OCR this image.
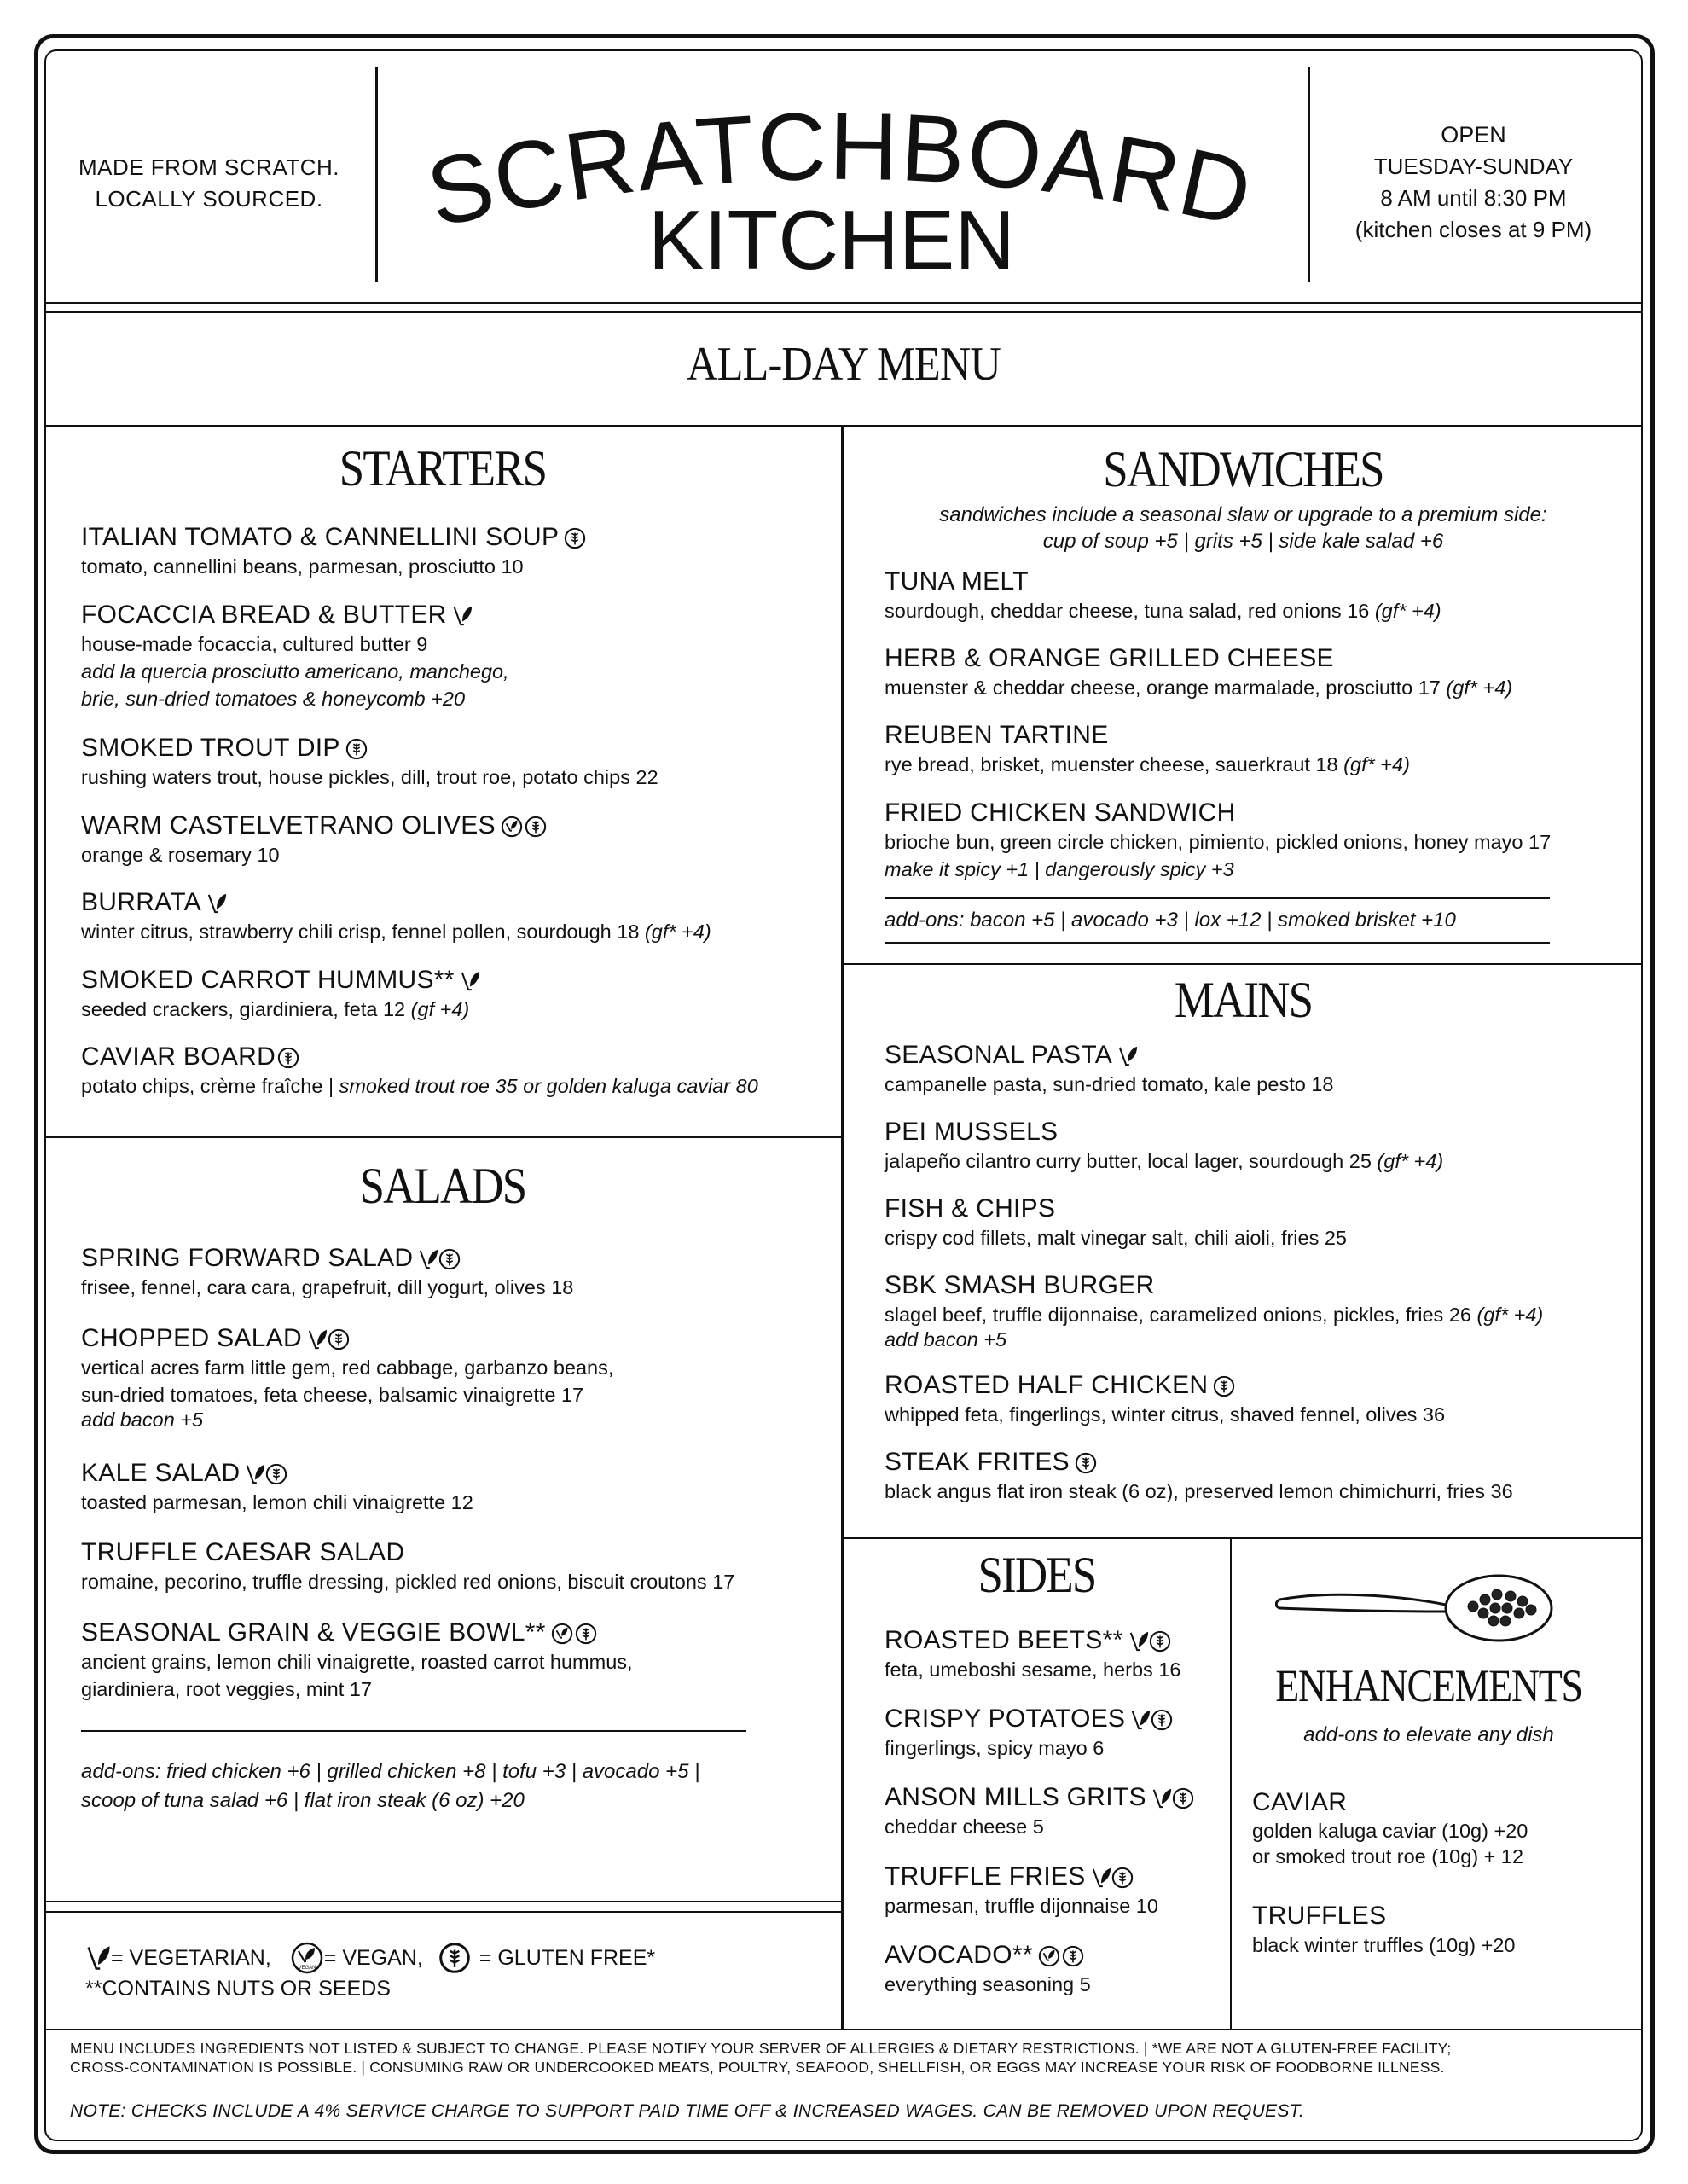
MADE FROM SCRATCH.
LOCALLY SOURCED. SCRATCHBOARD
KITCHEN
OPEN
TUESDAY-SUNDAY
8 AM until 8:30 PM
(kitchen closes at 9 PM)
ALL-DAY MENU
STARTERS
ITALIAN TOMATO & CANNELLINI SOUP
tomato, cannellini beans, parmesan, prosciutto 10
FOCACCIA BREAD & BUTTER
house-made focaccia, cultured butter 9
add la quercia prosciutto americano, manchego,
brie, sun-dried tomatoes & honeycomb +20
SMOKED TROUT DIP
rushing waters trout, house pickles, dill, trout roe, potato chips 22
WARM CASTELVETRANO OLIVES
orange & rosemary 10
BURRATA
winter citrus, strawberry chili crisp, fennel pollen, sourdough 18 (gf* +4)
SMOKED CARROT HUMMUS**
seeded crackers, giardiniera, feta 12 (gf +4)
CAVIAR BOARD
potato chips, crème fraîche | smoked trout roe 35 or golden kaluga caviar 80
SALADS
SPRING FORWARD SALAD
frisee, fennel, cara cara, grapefruit, dill yogurt, olives 18
CHOPPED SALAD
vertical acres farm little gem, red cabbage, garbanzo beans,
sun-dried tomatoes, feta cheese, balsamic vinaigrette 17
add bacon +5
KALE SALAD
toasted parmesan, lemon chili vinaigrette 12
TRUFFLE CAESAR SALAD
romaine, pecorino, truffle dressing, pickled red onions, biscuit croutons 17
SEASONAL GRAIN & VEGGIE BOWL**
ancient grains, lemon chili vinaigrette, roasted carrot hummus,
giardiniera, root veggies, mint 17
add-ons: fried chicken +6 | grilled chicken +8 | tofu +3 | avocado +5 |
scoop of tuna salad +6 | flat iron steak (6 oz) +20
= VEGETARIAN,	VEGAN = VEGAN,	= GLUTEN FREE*
**CONTAINS NUTS OR SEEDS
SANDWICHES
sandwiches include a seasonal slaw or upgrade to a premium side:
cup of soup +5 | grits +5 | side kale salad +6
TUNA MELT
sourdough, cheddar cheese, tuna salad, red onions 16 (gf* +4)
HERB & ORANGE GRILLED CHEESE
muenster & cheddar cheese, orange marmalade, prosciutto 17 (gf* +4)
REUBEN TARTINE
rye bread, brisket, muenster cheese, sauerkraut 18 (gf* +4)
FRIED CHICKEN SANDWICH
brioche bun, green circle chicken, pimiento, pickled onions, honey mayo 17
make it spicy +1 | dangerously spicy +3
add-ons: bacon +5 | avocado +3 | lox +12 | smoked brisket +10
MAINS
SEASONAL PASTA
campanelle pasta, sun-dried tomato, kale pesto 18
PEI MUSSELS
jalapeño cilantro curry butter, local lager, sourdough 25 (gf* +4)
FISH & CHIPS
crispy cod fillets, malt vinegar salt, chili aioli, fries 25
SBK SMASH BURGER
slagel beef, truffle dijonnaise, caramelized onions, pickles, fries 26 (gf* +4)
add bacon +5
ROASTED HALF CHICKEN
whipped feta, fingerlings, winter citrus, shaved fennel, olives 36
STEAK FRITES
black angus flat iron steak (6 oz), preserved lemon chimichurri, fries 36
SIDES
ROASTED BEETS**
feta, umeboshi sesame, herbs 16
CRISPY POTATOES
fingerlings, spicy mayo 6
ANSON MILLS GRITS
cheddar cheese 5
TRUFFLE FRIES
parmesan, truffle dijonnaise 10
AVOCADO**
everything seasoning 5
ENHANCEMENTS
add-ons to elevate any dish
CAVIAR
golden kaluga caviar (10g) +20
or smoked trout roe (10g) + 12
TRUFFLES
black winter truffles (10g) +20
MENU INCLUDES INGREDIENTS NOT LISTED & SUBJECT TO CHANGE. PLEASE NOTIFY YOUR SERVER OF ALLERGIES & DIETARY RESTRICTIONS. | *WE ARE NOT A GLUTEN-FREE FACILITY;
CROSS-CONTAMINATION IS POSSIBLE. | CONSUMING RAW OR UNDERCOOKED MEATS, POULTRY, SEAFOOD, SHELLFISH, OR EGGS MAY INCREASE YOUR RISK OF FOODBORNE ILLNESS.
NOTE: CHECKS INCLUDE A 4% SERVICE CHARGE TO SUPPORT PAID TIME OFF & INCREASED WAGES. CAN BE REMOVED UPON REQUEST.
